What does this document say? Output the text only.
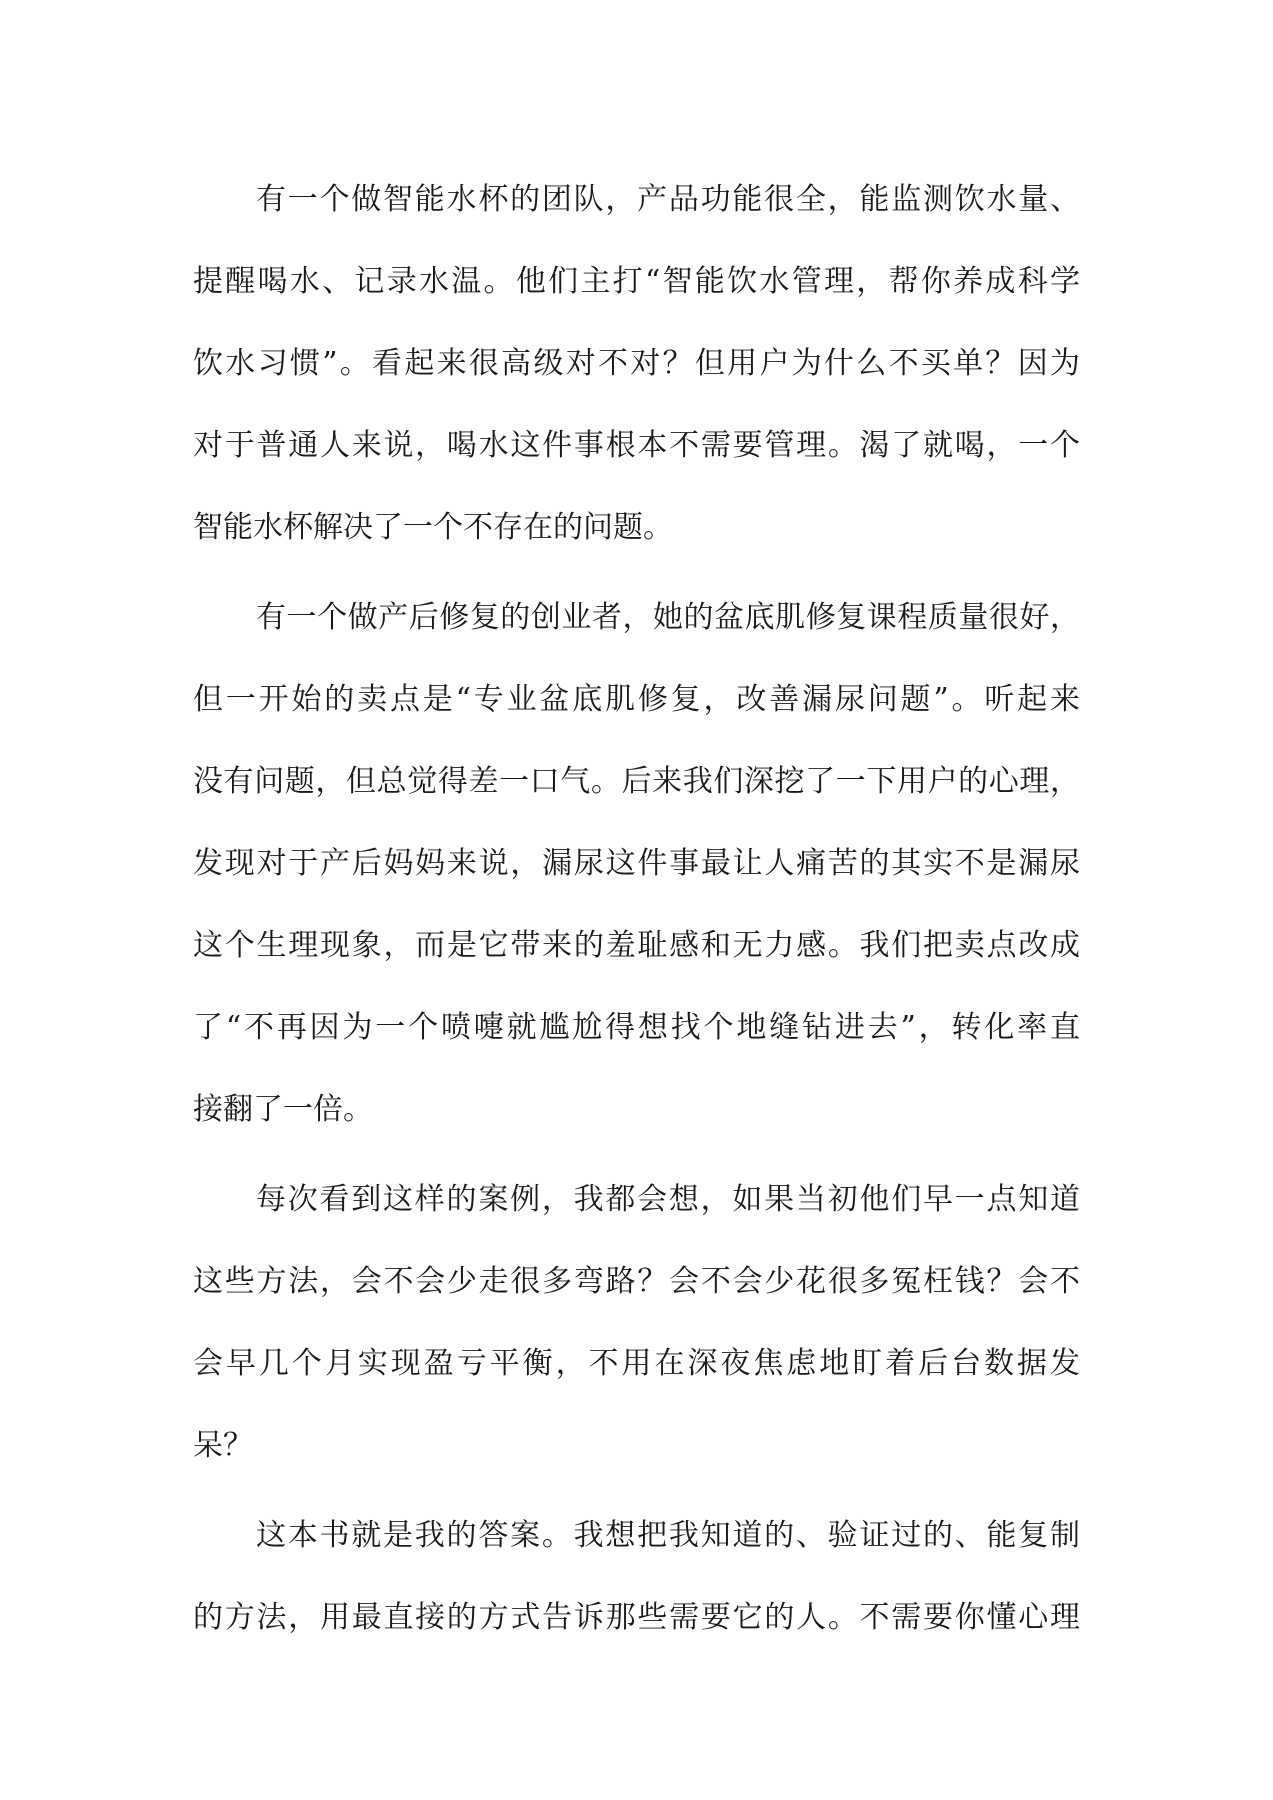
有一个做智能水杯的团队，产品功能很全，能监测饮水量、
提醒喝水、记录水温。他们主打“智能饮水管理，帮你养成科学
饮水习惯”。看起来很高级对不对？但用户为什么不买单？因为
对于普通人来说，喝水这件事根本不需要管理。渴了就喝，一个
智能水杯解决了一个不存在的问题。
有一个做产后修复的创业者，她的盆底肌修复课程质量很好，
但一开始的卖点是“专业盆底肌修复，改善漏尿问题”。听起来
没有问题，但总觉得差一口气。后来我们深挖了一下用户的心理，
发现对于产后妈妈来说，漏尿这件事最让人痛苦的其实不是漏尿
这个生理现象，而是它带来的羞耻感和无力感。我们把卖点改成
了“不再因为一个喷嚏就尴尬得想找个地缝钻进去”，转化率直
接翻了一倍。
每次看到这样的案例，我都会想，如果当初他们早一点知道
这些方法，会不会少走很多弯路？会不会少花很多冤枉钱？会不
会早几个月实现盈亏平衡，不用在深夜焦虑地盯着后台数据发
呆？
这本书就是我的答案。我想把我知道的、验证过的、能复制
的方法，用最直接的方式告诉那些需要它的人。不需要你懂心理
